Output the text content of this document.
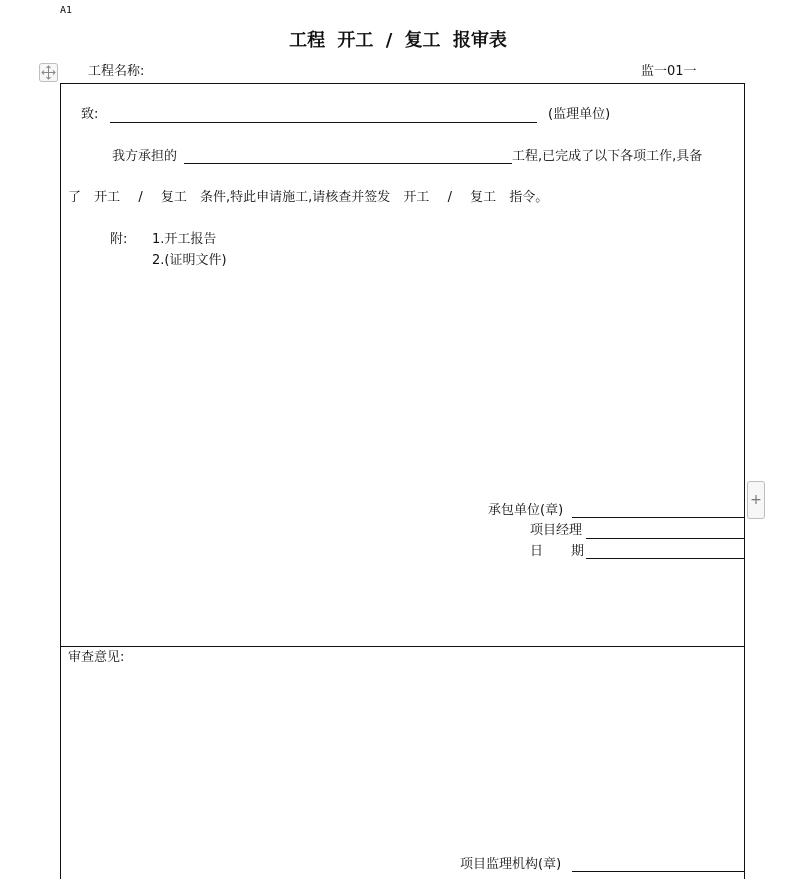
A1
工程 开工 / 复工 报审表
工程名称:	监一01一
致:	(监理单位)
我方承担的	工程,已完成了以下各项工作,具备
了 开工 / 复工 条件,特此申请施工,请核查并签发 开工 / 复工 指令。
附: 1.开工报告
2.(证明文件)
承包单位(章)
项目经理
日 期
审查意见:
项目监理机构(章)
+
